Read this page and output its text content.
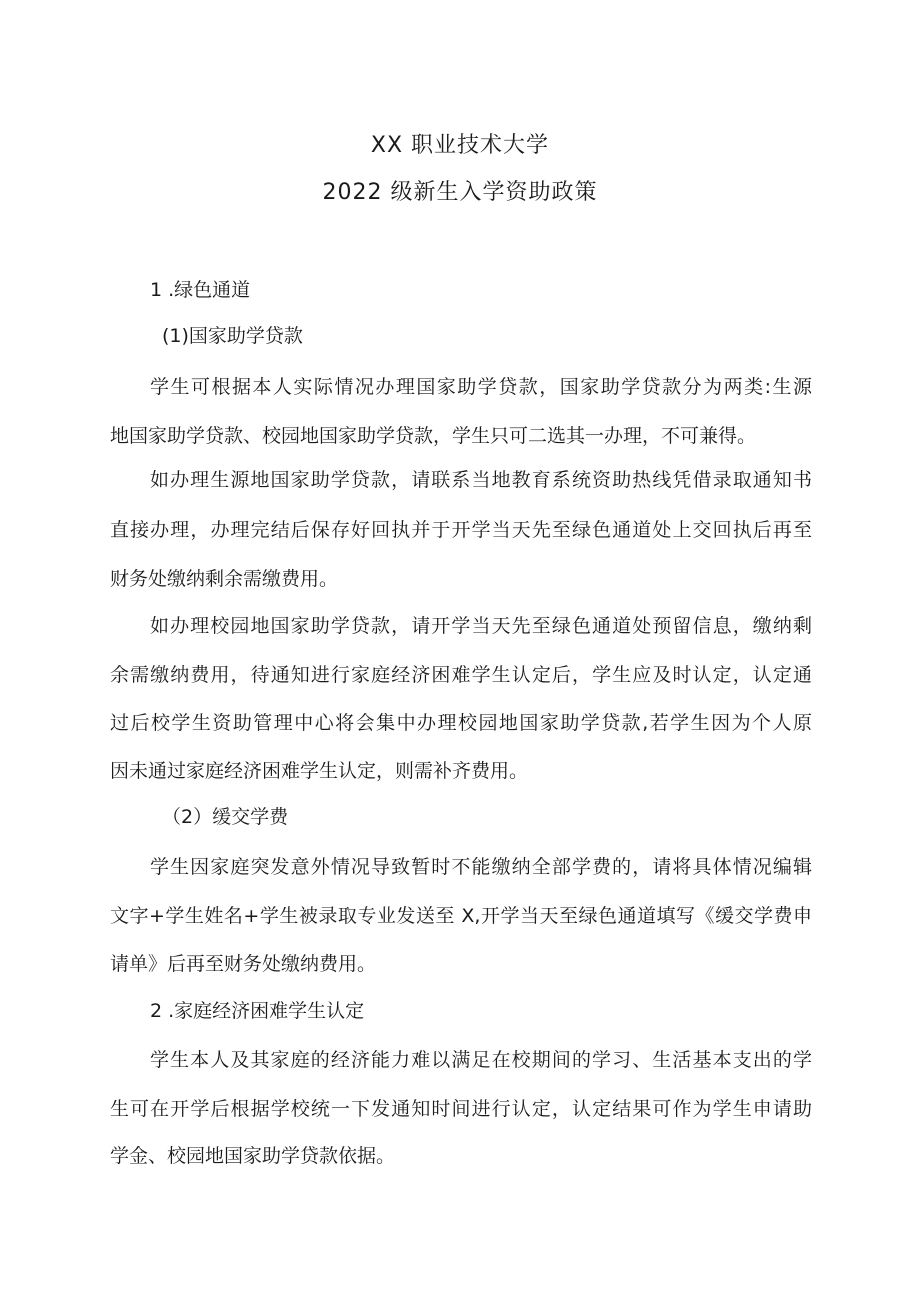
XX 职业技术大学
2022 级新生入学资助政策
1 .绿色通道
(1)国家助学贷款
学生可根据本人实际情况办理国家助学贷款，国家助学贷款分为两类:生源
地国家助学贷款、校园地国家助学贷款，学生只可二选其一办理，不可兼得。
如办理生源地国家助学贷款，请联系当地教育系统资助热线凭借录取通知书
直接办理，办理完结后保存好回执并于开学当天先至绿色通道处上交回执后再至
财务处缴纳剩余需缴费用。
如办理校园地国家助学贷款，请开学当天先至绿色通道处预留信息，缴纳剩
余需缴纳费用，待通知进行家庭经济困难学生认定后，学生应及时认定，认定通
过后校学生资助管理中心将会集中办理校园地国家助学贷款,若学生因为个人原
因未通过家庭经济困难学生认定，则需补齐费用。
（2）缓交学费
学生因家庭突发意外情况导致暂时不能缴纳全部学费的，请将具体情况编辑
文字+学生姓名+学生被录取专业发送至 X,开学当天至绿色通道填写《缓交学费申
请单》后再至财务处缴纳费用。
2 .家庭经济困难学生认定
学生本人及其家庭的经济能力难以满足在校期间的学习、生活基本支出的学
生可在开学后根据学校统一下发通知时间进行认定，认定结果可作为学生申请助
学金、校园地国家助学贷款依据。
